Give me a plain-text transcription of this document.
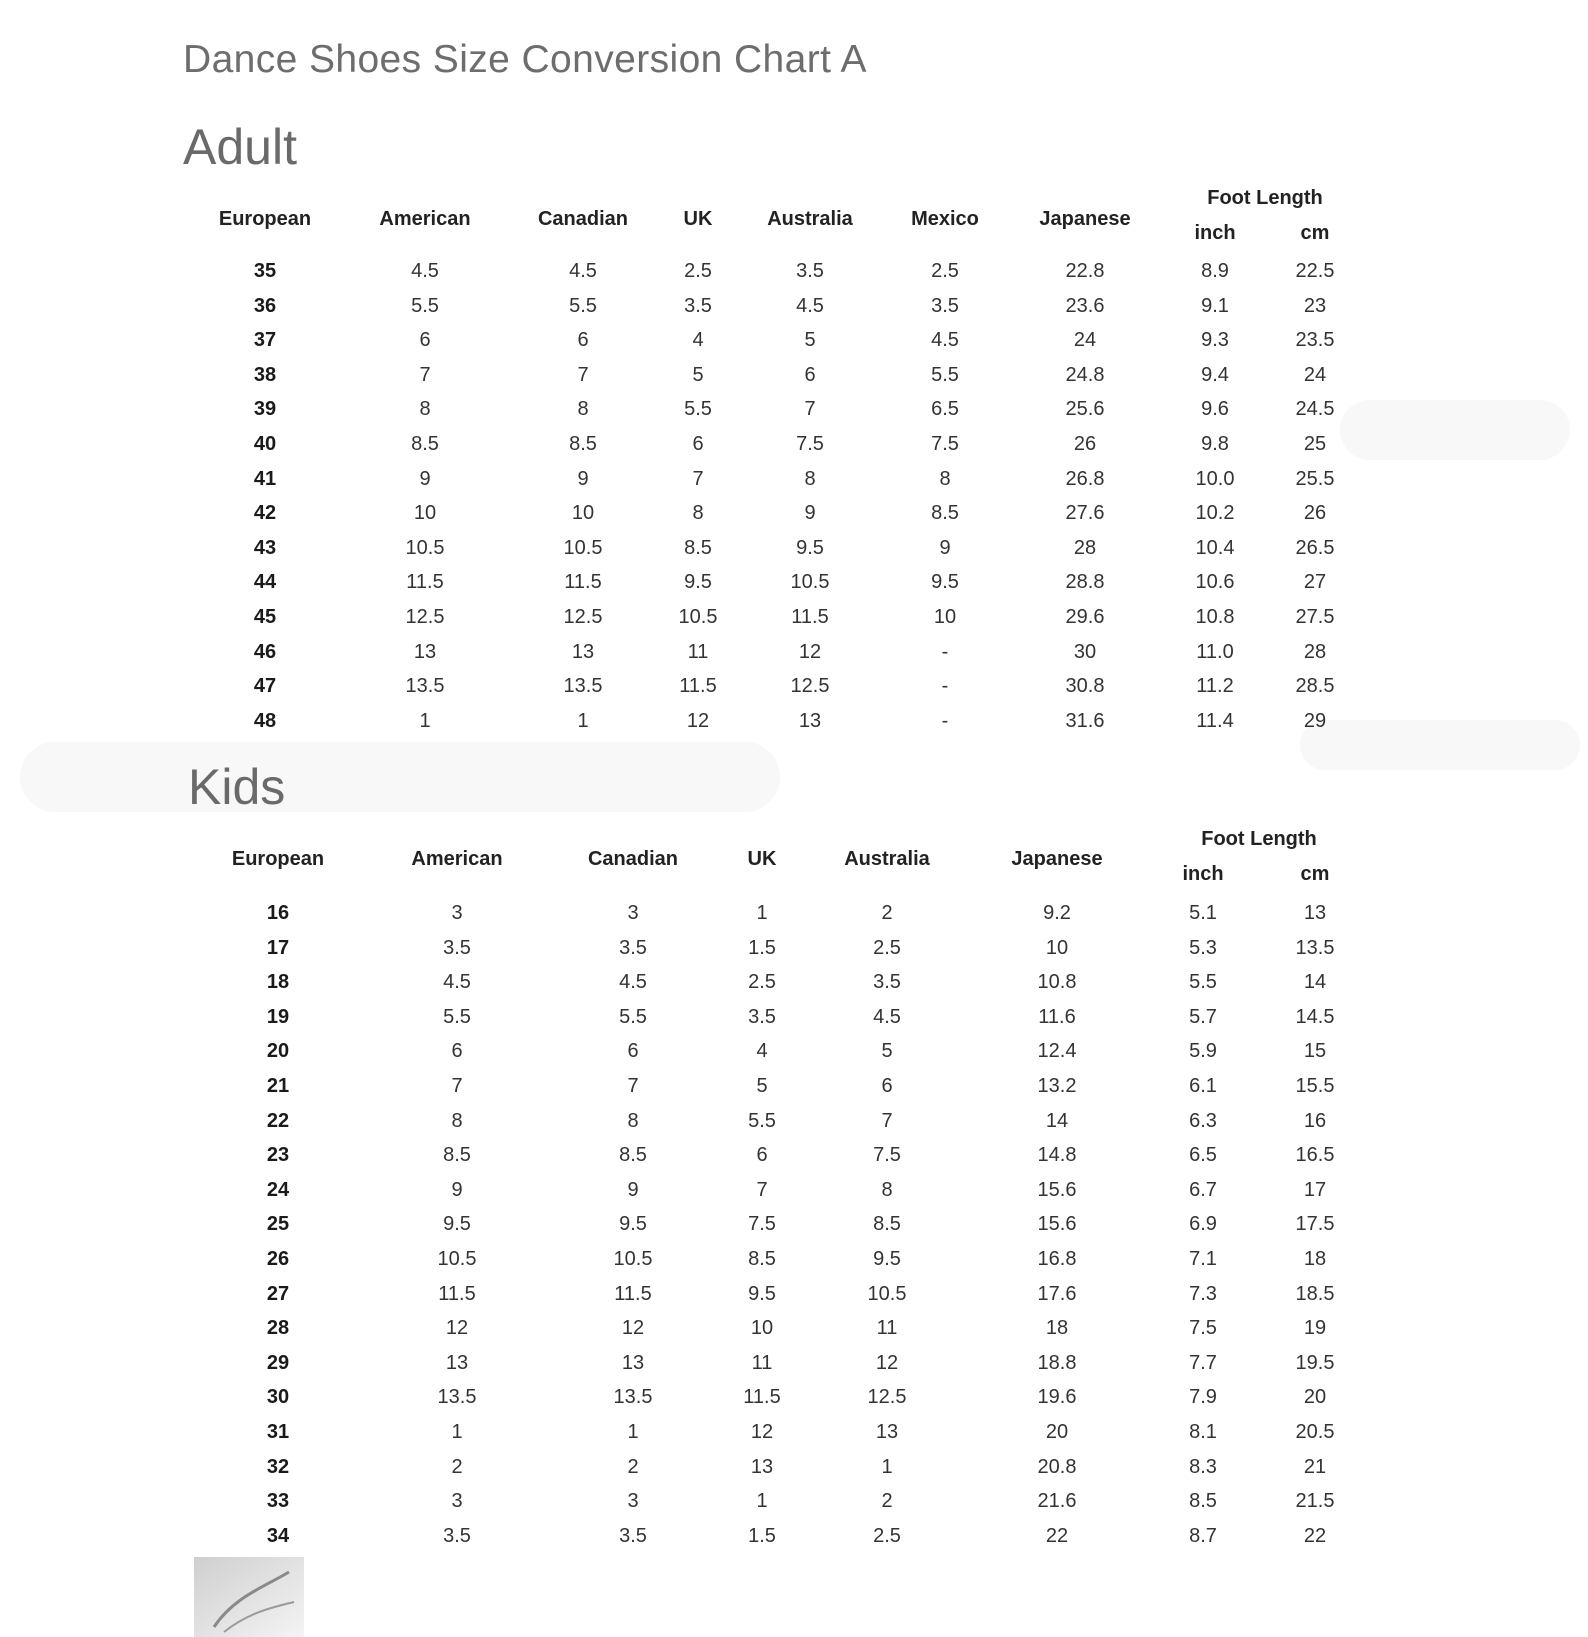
Dance Shoes Size Conversion Chart A
Adult
European	American	Canadian	UK	Australia	Mexico	Japanese
Foot Length
inch	cm
35	4.5	4.5	2.5	3.5	2.5	22.8	8.9	22.5
36	5.5	5.5	3.5	4.5	3.5	23.6	9.1	23
37	6	6	4	5	4.5	24	9.3	23.5
38	7	7	5	6	5.5	24.8	9.4	24
39	8	8	5.5	7	6.5	25.6	9.6	24.5
40	8.5	8.5	6	7.5	7.5	26	9.8	25
41	9	9	7	8	8	26.8	10.0	25.5
42	10	10	8	9	8.5	27.6	10.2	26
43	10.5	10.5	8.5	9.5	9	28	10.4	26.5
44	11.5	11.5	9.5	10.5	9.5	28.8	10.6	27
45	12.5	12.5	10.5	11.5	10	29.6	10.8	27.5
46	13	13	11	12	-	30	11.0	28
47	13.5	13.5	11.5	12.5	-	30.8	11.2	28.5
48	1	1	12	13	-	31.6	11.4	29
Kids
European	American	Canadian	UK	Australia	Japanese
Foot Length
inch	cm
16	3	3	1	2	9.2	5.1	13
17	3.5	3.5	1.5	2.5	10	5.3	13.5
18	4.5	4.5	2.5	3.5	10.8	5.5	14
19	5.5	5.5	3.5	4.5	11.6	5.7	14.5
20	6	6	4	5	12.4	5.9	15
21	7	7	5	6	13.2	6.1	15.5
22	8	8	5.5	7	14	6.3	16
23	8.5	8.5	6	7.5	14.8	6.5	16.5
24	9	9	7	8	15.6	6.7	17
25	9.5	9.5	7.5	8.5	15.6	6.9	17.5
26	10.5	10.5	8.5	9.5	16.8	7.1	18
27	11.5	11.5	9.5	10.5	17.6	7.3	18.5
28	12	12	10	11	18	7.5	19
29	13	13	11	12	18.8	7.7	19.5
30	13.5	13.5	11.5	12.5	19.6	7.9	20
31	1	1	12	13	20	8.1	20.5
32	2	2	13	1	20.8	8.3	21
33	3	3	1	2	21.6	8.5	21.5
34	3.5	3.5	1.5	2.5	22	8.7	22
